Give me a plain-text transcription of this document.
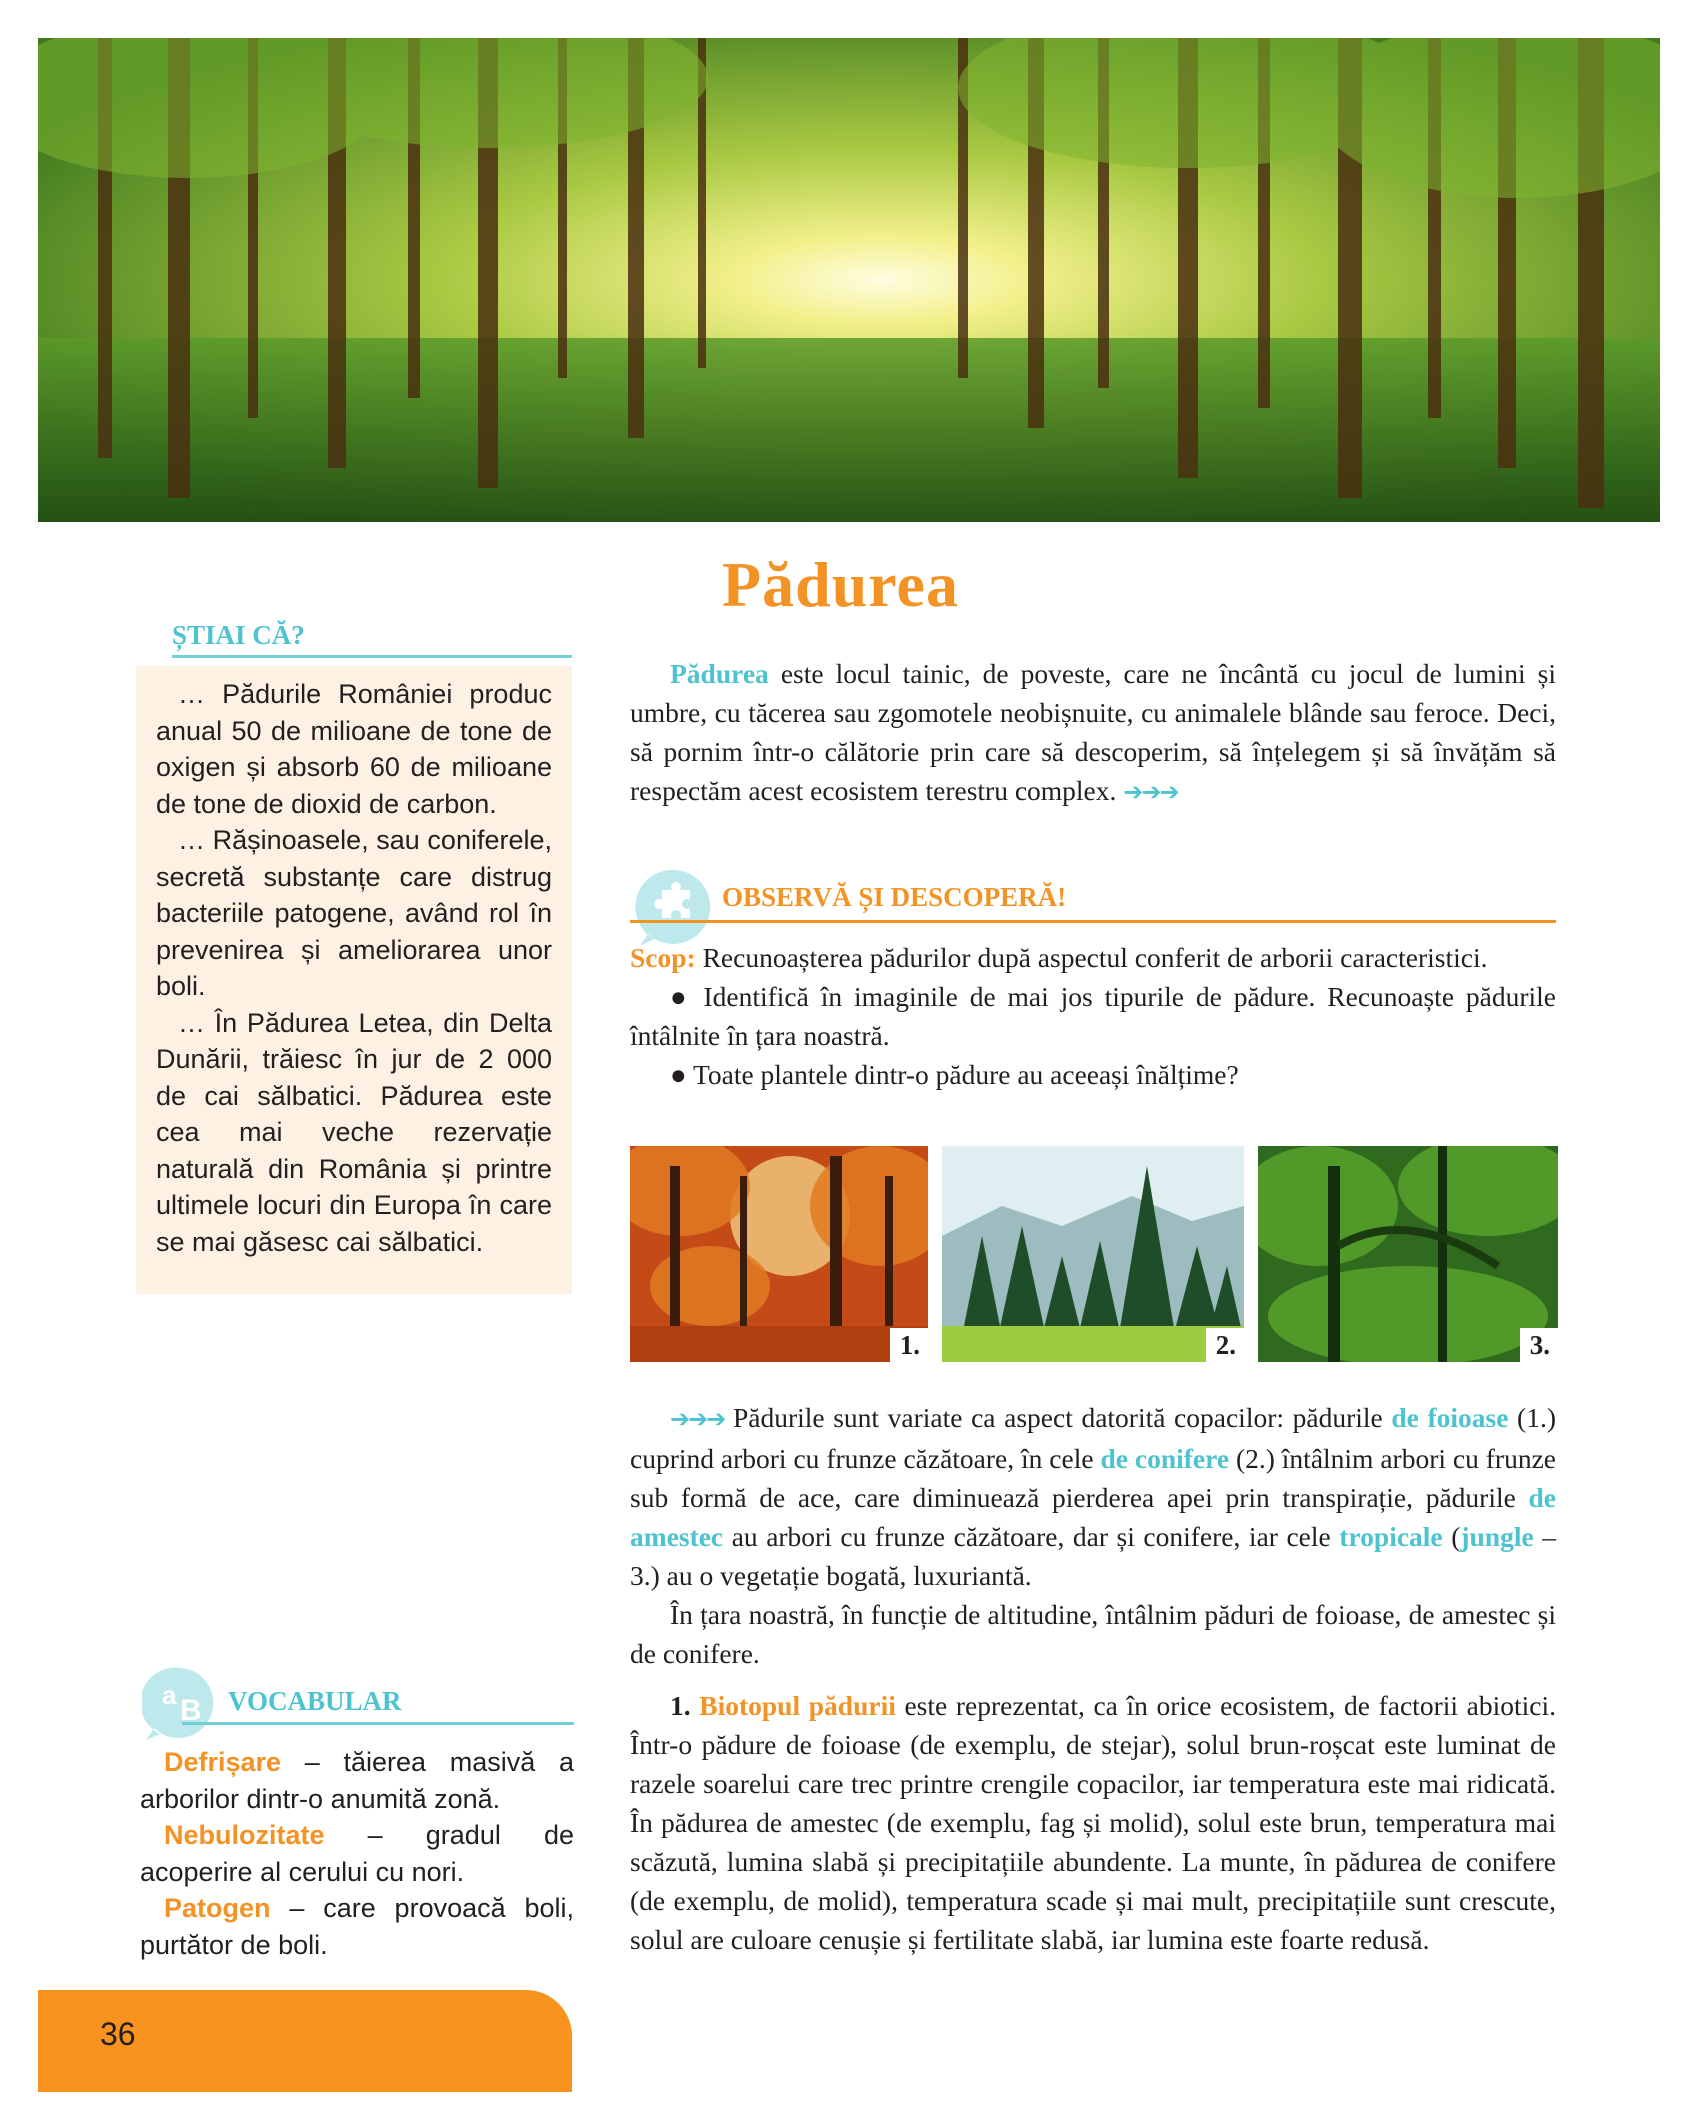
Pădurea
ȘTIAI CĂ?

… Pădurile României produc anual 50 de milioane de tone de oxigen și absorb 60 de milioane de tone de dioxid de carbon.

… Rășinoasele, sau coniferele, secretă substanțe care distrug bacteriile patogene, având rol în prevenirea și ameliorarea unor boli.

… În Pădurea Letea, din Delta Dunării, trăiesc în jur de 2 000 de cai sălbatici. Pădurea este cea mai veche rezervație naturală din România și printre ultimele locuri din Europa în care se mai găsesc cai sălbatici.

a B VOCABULAR

Defrișare – tăierea masivă a arborilor dintr-o anumită zonă.

Nebulozitate – gradul de acoperire al cerului cu nori.

Patogen – care provoacă boli, purtător de boli.

36

Pădurea este locul tainic, de poveste, care ne încântă cu jocul de lumini și umbre, cu tăcerea sau zgomotele neobișnuite, cu animalele blânde sau feroce. Deci, să pornim într-o călătorie prin care să descoperim, să înțelegem și să învățăm să respectăm acest ecosistem terestru complex. ➔➔➔

OBSERVĂ ȘI DESCOPERĂ!

Scop: Recunoașterea pădurilor după aspectul conferit de arborii caracteristici.

● Identifică în imaginile de mai jos tipurile de pădure. Recunoaște pădurile întâlnite în țara noastră.

● Toate plantele dintr-o pădure au aceeași înălțime?

1.	2.	3.

➔➔➔ Pădurile sunt variate ca aspect datorită copacilor: pădurile de foioase (1.) cuprind arbori cu frunze căzătoare, în cele de conifere (2.) întâlnim arbori cu frunze sub formă de ace, care diminuează pierderea apei prin transpirație, pădurile de amestec au arbori cu frunze căzătoare, dar și conifere, iar cele tropicale (jungle – 3.) au o vegetație bogată, luxuriantă.

În țara noastră, în funcție de altitudine, întâlnim păduri de foioase, de amestec și de conifere.

1. Biotopul pădurii este reprezentat, ca în orice ecosistem, de factorii abiotici. Într-o pădure de foioase (de exemplu, de stejar), solul brun-roșcat este luminat de razele soarelui care trec printre crengile copacilor, iar temperatura este mai ridicată. În pădurea de amestec (de exemplu, fag și molid), solul este brun, temperatura mai scăzută, lumina slabă și precipitațiile abundente. La munte, în pădurea de conifere (de exemplu, de molid), temperatura scade și mai mult, precipitațiile sunt crescute, solul are culoare cenușie și fertilitate slabă, iar lumina este foarte redusă.
